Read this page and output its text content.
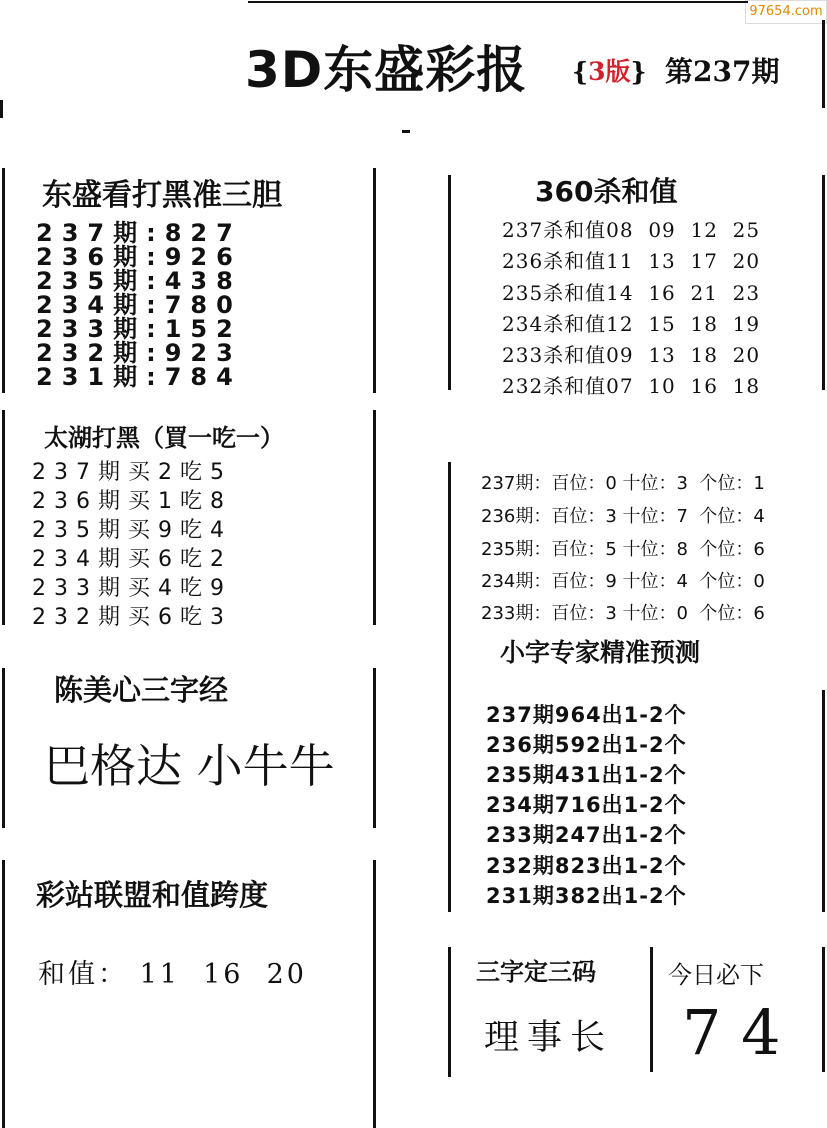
97654.com
3D东盛彩报 {3版} 第237期
东盛看打黑准三胆
237期:827
236期:926
235期:438
234期:780
233期:152
232期:923
231期:784
太湖打黑（買一吃一）
237期买2吃5
236期买1吃8
235期买9吃4
234期买6吃2
233期买4吃9
232期买6吃3
陈美心三字经
巴格达 小牛牛
彩站联盟和值跨度
和值： 11  16  20
360杀和值
237杀和值08  09  12  25
236杀和值11  13  17  20
235杀和值14  16  21  23
234杀和值12  15  18  19
233杀和值09  13  18  20
232杀和值07  10  16  18
237期：百位：0 十位：3  个位：1
236期：百位：3 十位：7  个位：4
235期：百位：5 十位：8  个位：6
234期：百位：9 十位：4  个位：0
233期：百位：3 十位：0  个位：6
小字专家精准预测
237期964出1-2个
236期592出1-2个
235期431出1-2个
234期716出1-2个
233期247出1-2个
232期823出1-2个
231期382出1-2个
三字定三码
理事长
今日必下
7 4
